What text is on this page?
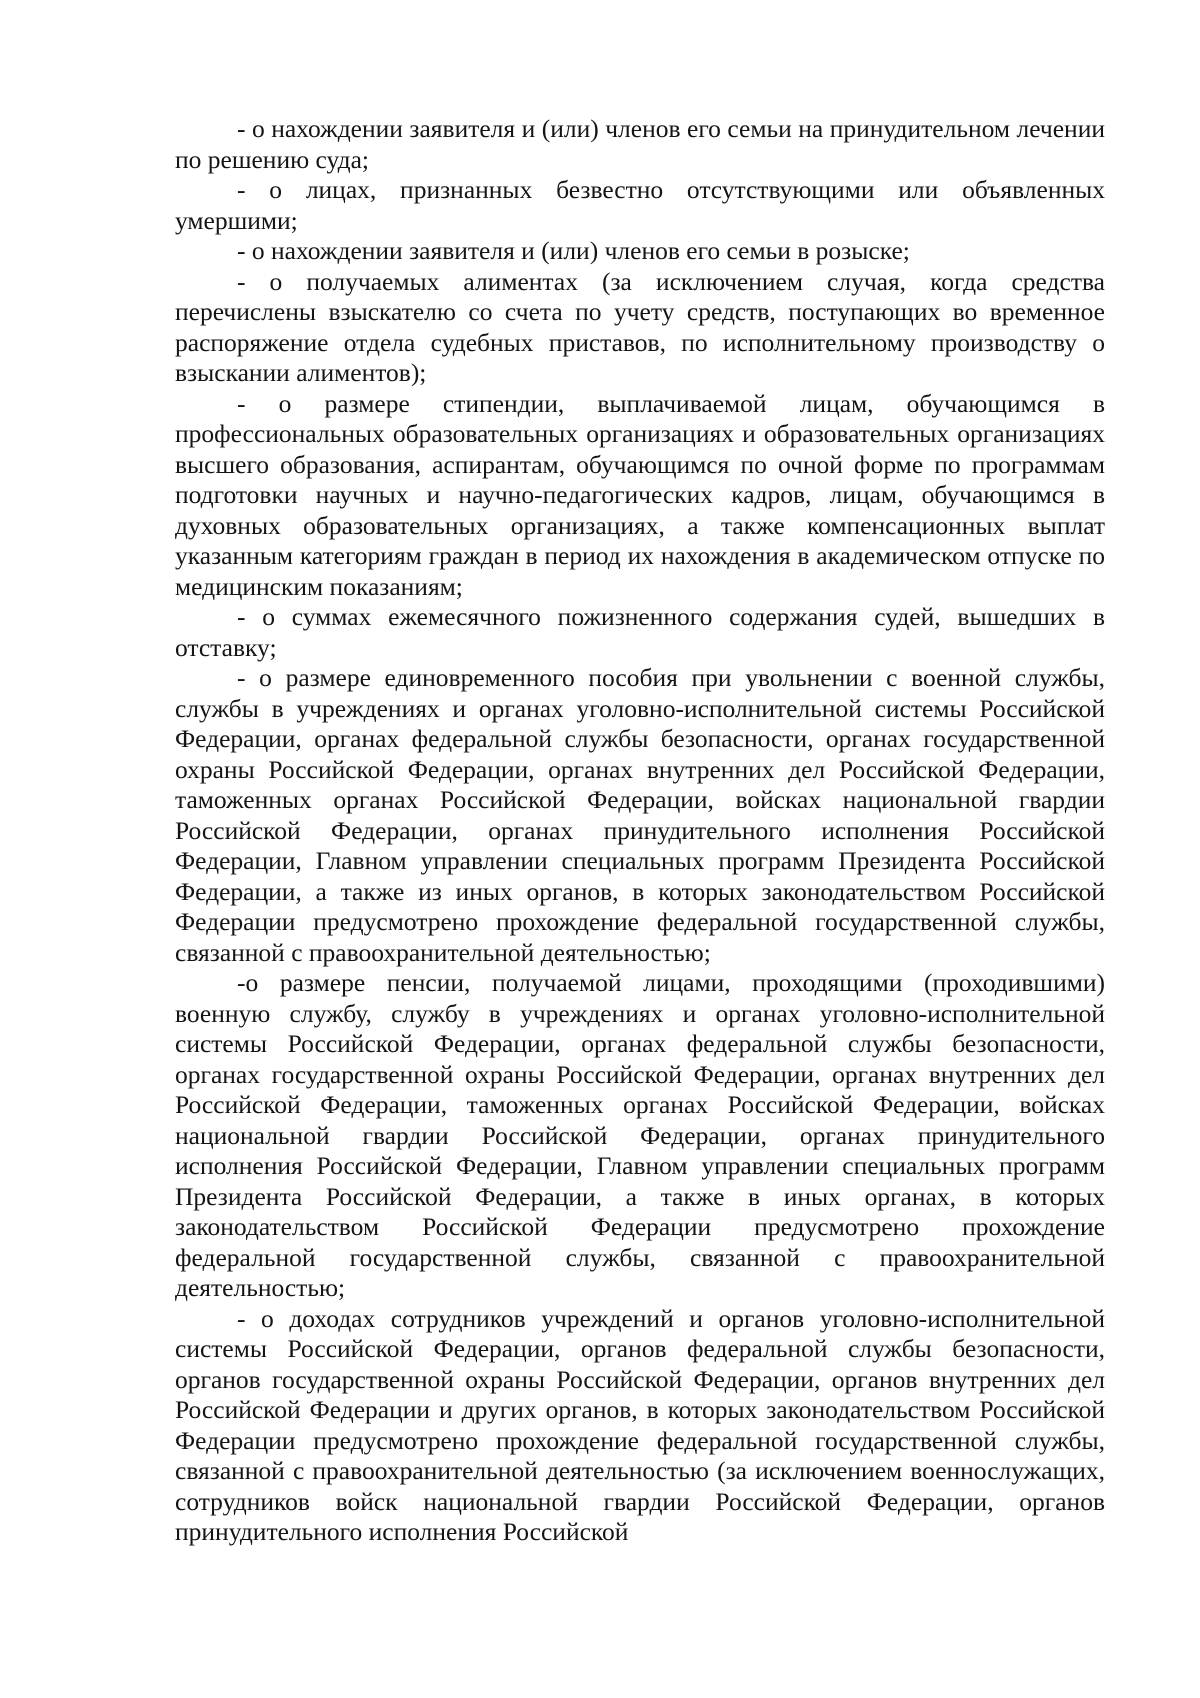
- о нахождении заявителя и (или) членов его семьи на принудительном лечении по решению суда;

- о лицах, признанных безвестно отсутствующими или объявленных умершими;

- о нахождении заявителя и (или) членов его семьи в розыске;

- о получаемых алиментах (за исключением случая, когда средства перечислены взыскателю со счета по учету средств, поступающих во временное распоряжение отдела судебных приставов, по исполнительному производству о взыскании алиментов);

- о размере стипендии, выплачиваемой лицам, обучающимся в профессиональных образовательных организациях и образовательных организациях высшего образования, аспирантам, обучающимся по очной форме по программам подготовки научных и научно-педагогических кадров, лицам, обучающимся в духовных образовательных организациях, а также компенсационных выплат указанным категориям граждан в период их нахождения в академическом отпуске по медицинским показаниям;

- о суммах ежемесячного пожизненного содержания судей, вышедших в отставку;

- о размере единовременного пособия при увольнении с военной службы, службы в учреждениях и органах уголовно-исполнительной системы Российской Федерации, органах федеральной службы безопасности, органах государственной охраны Российской Федерации, органах внутренних дел Российской Федерации, таможенных органах Российской Федерации, войсках национальной гвардии Российской Федерации, органах принудительного исполнения Российской Федерации, Главном управлении специальных программ Президента Российской Федерации, а также из иных органов, в которых законодательством Российской Федерации предусмотрено прохождение федеральной государственной службы, связанной с правоохранительной деятельностью;

-о размере пенсии, получаемой лицами, проходящими (проходившими) военную службу, службу в учреждениях и органах уголовно-исполнительной системы Российской Федерации, органах федеральной службы безопасности, органах государственной охраны Российской Федерации, органах внутренних дел Российской Федерации, таможенных органах Российской Федерации, войсках национальной гвардии Российской Федерации, органах принудительного исполнения Российской Федерации, Главном управлении специальных программ Президента Российской Федерации, а также в иных органах, в которых законодательством Российской Федерации предусмотрено прохождение федеральной государственной службы, связанной с правоохранительной деятельностью;

- о доходах сотрудников учреждений и органов уголовно-исполнительной системы Российской Федерации, органов федеральной службы безопасности, органов государственной охраны Российской Федерации, органов внутренних дел Российской Федерации и других органов, в которых законодательством Российской Федерации предусмотрено прохождение федеральной государственной службы, связанной с правоохранительной деятельностью (за исключением военнослужащих, сотрудников войск национальной гвардии Российской Федерации, органов принудительного исполнения Российской
